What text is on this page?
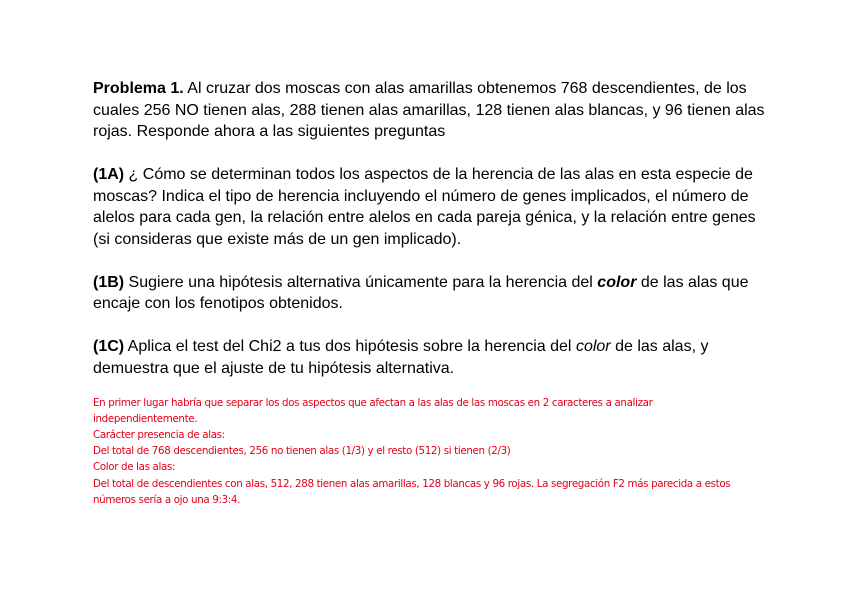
Problema 1. Al cruzar dos moscas con alas amarillas obtenemos 768 descendientes, de los cuales 256 NO tienen alas, 288 tienen alas amarillas, 128 tienen alas blancas, y 96 tienen alas rojas. Responde ahora a las siguientes preguntas

(1A) ¿ Cómo se determinan todos los aspectos de la herencia de las alas en esta especie de moscas? Indica el tipo de herencia incluyendo el número de genes implicados, el número de alelos para cada gen, la relación entre alelos en cada pareja génica, y la relación entre genes (si consideras que existe más de un gen implicado).

(1B) Sugiere una hipótesis alternativa únicamente para la herencia del color de las alas que encaje con los fenotipos obtenidos.

(1C) Aplica el test del Chi2 a tus dos hipótesis sobre la herencia del color de las alas, y demuestra que el ajuste de tu hipótesis alternativa.

En primer lugar habría que separar los dos aspectos que afectan a las alas de las moscas en 2 caracteres a analizar independientemente.

Carácter presencia de alas:

Del total de 768 descendientes, 256 no tienen alas (1/3) y el resto (512) si tienen (2/3)

Color de las alas:

Del total de descendientes con alas, 512, 288 tienen alas amarillas, 128 blancas y 96 rojas. La segregación F2 más parecida a estos números sería a ojo una 9:3:4.
